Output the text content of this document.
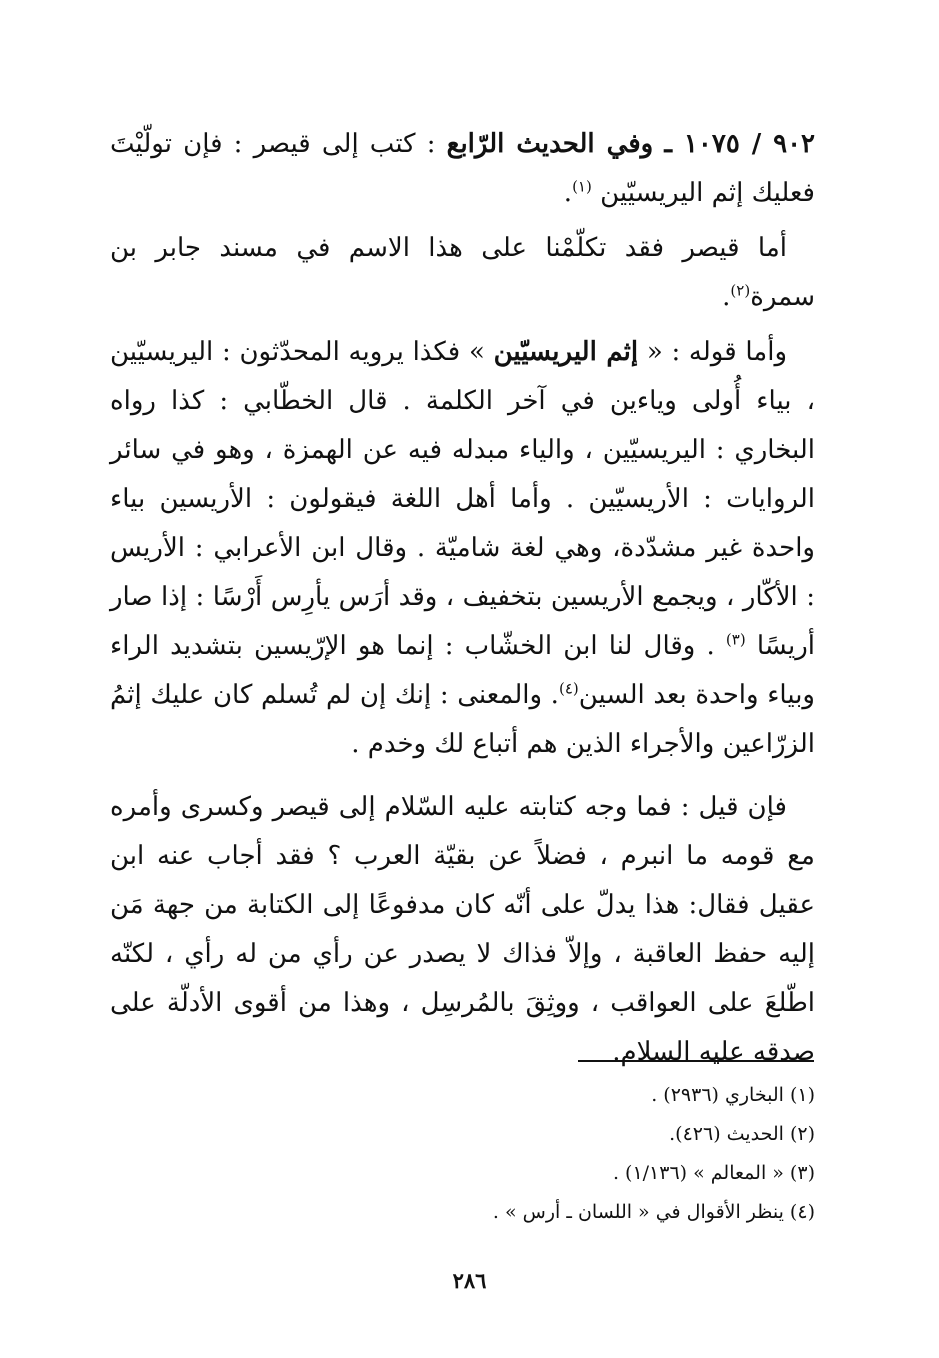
٩٠٢ / ١٠٧٥ ـ وفي الحديث الرّابع : كتب إلى قيصر : فإن تولّيْتَ فعليك إثم اليريسيّين $^{(١)}$.

أما قيصر فقد تكلّمْنا على هذا الاسم في مسند جابر بن سمرة$^{(٢)}$.

وأما قوله : « إثم اليريسيّين » فكذا يرويه المحدّثون : اليريسيّين ، بياء أُولى وياءين في آخر الكلمة . قال الخطّابي : كذا رواه البخاري : اليريسيّين ، والياء مبدله فيه عن الهمزة ، وهو في سائر الروايات : الأريسيّين . وأما أهل اللغة فيقولون : الأريسين بياء واحدة غير مشدّدة، وهي لغة شاميّة . وقال ابن الأعرابي : الأريس : الأكّار ، ويجمع الأريسين بتخفيف ، وقد أرَس يأرِس أَرْسًا : إذا صار أريسًا $^{(٣)}$ . وقال لنا ابن الخشّاب : إنما هو الإرّيسين بتشديد الراء وبياء واحدة بعد السين$^{(٤)}$. والمعنى : إنك إن لم تُسلم كان عليك إثمُ الزرّاعين والأجراء الذين هم أتباع لك وخدم .

فإن قيل : فما وجه كتابته عليه السّلام إلى قيصر وكسرى وأمره مع قومه ما انبرم ، فضلاً عن بقيّة العرب ؟ فقد أجاب عنه ابن عقيل فقال: هذا يدلّ على أنّه كان مدفوعًا إلى الكتابة من جهة مَن إليه حفظ العاقبة ، وإلاّ فذاك لا يصدر عن رأي من له رأي ، لكنّه اطّلعَ على العواقب ، ووثِقَ بالمُرسِل ، وهذا من أقوى الأدلّة على صدقه عليه السلام.

(١) البخاري (٢٩٣٦) .

(٢) الحديث (٤٢٦).

(٣) « المعالم » (١/١٣٦) .

(٤) ينظر الأقوال في « اللسان ـ أرس » .

٢٨٦
